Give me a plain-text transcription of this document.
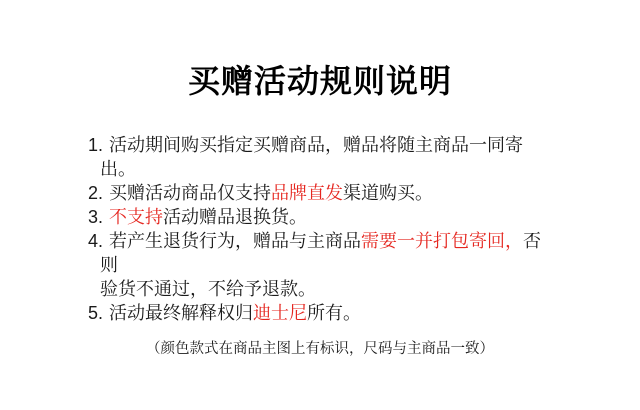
买赠活动规则说明
1. 活动期间购买指定买赠商品，赠品将随主商品一同寄出。
2. 买赠活动商品仅支持品牌直发渠道购买。
3. 不支持活动赠品退换货。
4. 若产生退货行为，赠品与主商品需要一并打包寄回，否则
验货不通过，不给予退款。
5. 活动最终解释权归迪士尼所有。

（颜色款式在商品主图上有标识，尺码与主商品一致）
